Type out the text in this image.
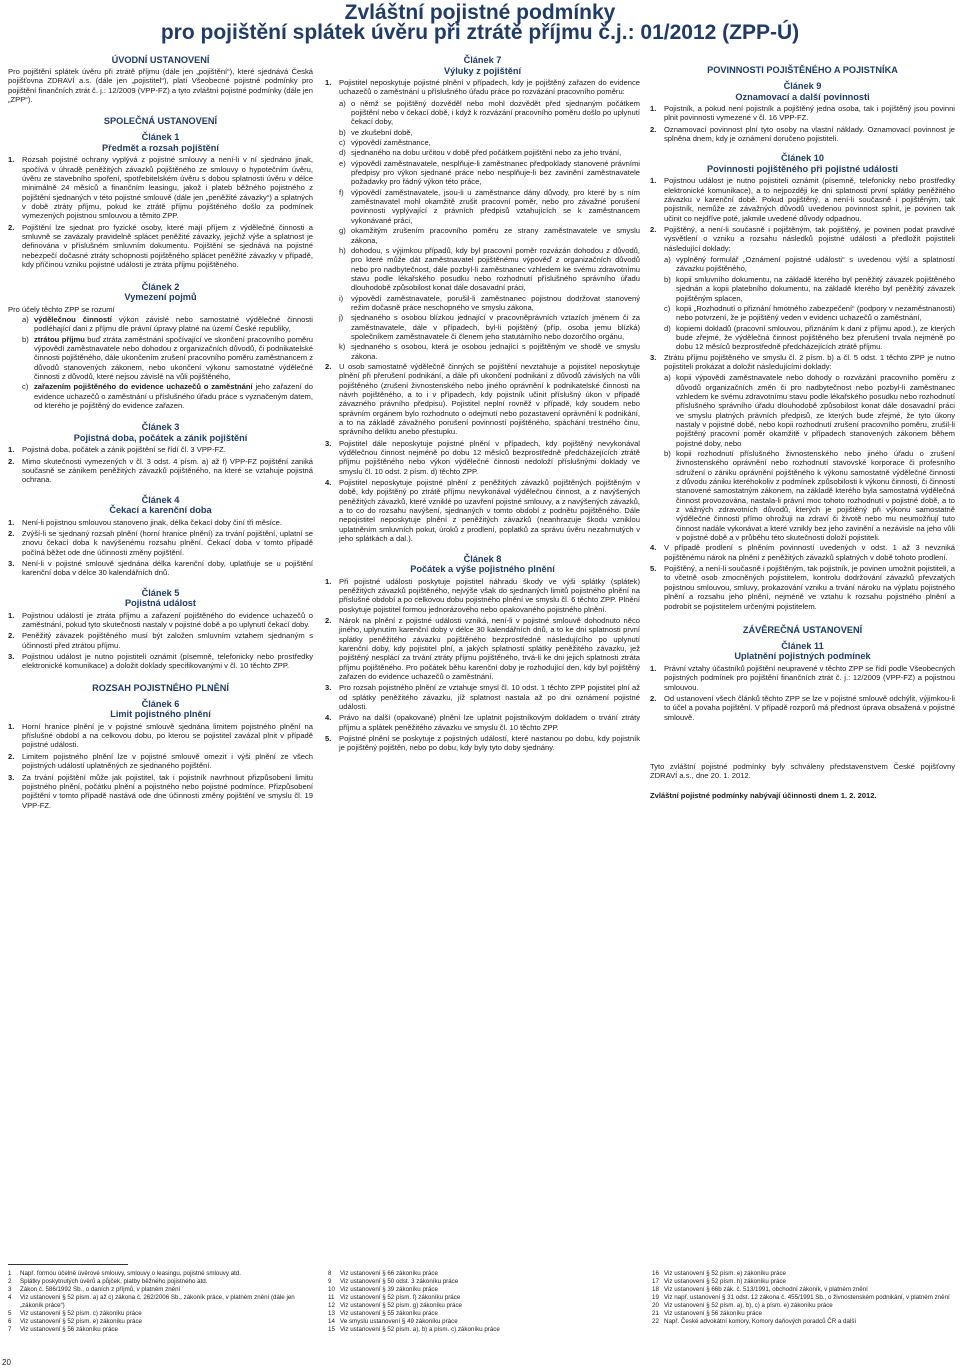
Zvláštní pojistné podmínky
pro pojištění splátek úvěru při ztrátě příjmu č.j.: 01/2012 (ZPP-Ú)
ÚVODNÍ USTANOVENÍ
Pro pojištění splátek úvěru při ztrátě příjmu (dále jen „pojištění“), které sjednává Česká pojišťovna ZDRAVÍ a.s. (dále jen „pojistitel“), platí Všeobecné pojistné podmínky pro pojištění finančních ztrát č. j.: 12/2009 (VPP-FZ) a tyto zvláštní pojistné podmínky (dále jen „ZPP“).
SPOLEČNÁ USTANOVENÍ
Článek 1
Předmět a rozsah pojištění
1.	Rozsah pojistné ochrany vyplývá z pojistné smlouvy a není-li v ní sjednáno jinak, spočívá v úhradě peněžitých závazků pojištěného ze smlouvy o hypotečním úvěru, úvěru ze stavebního spoření, spotřebitelském úvěru s dobou splatnosti úvěru v délce minimálně 24 měsíců a finančním leasingu, jakož i plateb běžného pojistného z pojištění sjednaných v této pojistné smlouvě (dále jen „peněžité závazky“) a splatných v době ztráty příjmu, pokud ke ztrátě příjmu pojištěného došlo za podmínek vymezených pojistnou smlouvou a těmito ZPP.
2.	Pojištění lze sjednat pro fyzické osoby, které mají příjem z výdělečné činnosti a smluvně se zavázaly pravidelně splácet peněžité závazky, jejichž výše a splatnost je definována v příslušném smluvním dokumentu. Pojištění se sjednává na pojistné nebezpečí dočasné ztráty schopnosti pojištěného splácet peněžité závazky v případě, kdy příčinou vzniku pojistné události je ztráta příjmu pojištěného.
Článek 2
Vymezení pojmů
Pro účely těchto ZPP se rozumí
a) výdělečnou činností výkon závislé nebo samostatné výdělečné činnosti podléhající dani z příjmu dle právní úpravy platné na území České republiky,
b) ztrátou příjmu buď ztráta zaměstnání spočívající ve skončení pracovního poměru výpovědí zaměstnavatele nebo dohodou z organizačních důvodů, či podnikatelské činnosti pojištěného, dále ukončením zrušení pracovního poměru zaměstnancem z důvodů stanovených zákonem, nebo ukončení výkonu samostatné výdělečné činnosti z důvodů, které nejsou závislé na vůli pojištěného,
c) zařazením pojištěného do evidence uchazečů o zaměstnání jeho zařazení do evidence uchazečů o zaměstnání u příslušného úřadu práce s vyznačeným datem, od kterého je pojištěný do evidence zařazen.
Článek 3
Pojistná doba, počátek a zánik pojištění
1.	Pojistná doba, počátek a zánik pojištění se řídí čl. 3 VPP-FZ.
2.	Mimo skutečnosti vymezených v čl. 3 odst. 4 písm. a) až f) VPP-FZ pojištění zaniká současně se zánikem peněžitých závazků pojištěného, na které se vztahuje pojistná ochrana.
Článek 4
Čekací a karenční doba
1.	Není-li pojistnou smlouvou stanoveno jinak, délka čekací doby činí tři měsíce.
2.	Zvýší-li se sjednaný rozsah plnění (horní hranice plnění) za trvání pojištění, uplatní se znovu čekací doba k navýšenému rozsahu plnění. Čekací doba v tomto případě počíná běžet ode dne účinnosti změny pojištění.
3.	Není-li v pojistné smlouvě sjednána délka karenční doby, uplatňuje se u pojištění karenční doba v délce 30 kalendářních dnů.
Článek 5
Pojistná událost
1.	Pojistnou událostí je ztráta příjmu a zařazení pojištěného do evidence uchazečů o zaměstnání, pokud tyto skutečnosti nastaly v pojistné době a po uplynutí čekací doby.
2.	Peněžitý závazek pojištěného musí být založen smluvním vztahem sjednaným s účinností před ztrátou příjmu.
3.	Pojistnou událost je nutno pojistiteli oznámit (písemně, telefonicky nebo prostředky elektronické komunikace) a doložit doklady specifikovanými v čl. 10 těchto ZPP.
ROZSAH POJISTNÉHO PLNĚNÍ
Článek 6
Limit pojistného plnění
1.	Horní hranice plnění je v pojistné smlouvě sjednána limitem pojistného plnění na příslušné období a na celkovou dobu, po kterou se pojistitel zavázal plnit v případě pojistné události.
2.	Limitem pojistného plnění lze v pojistné smlouvě omezit i výši plnění ze všech pojistných událostí uplatněných ze sjednaného pojištění.
3.	Za trvání pojištění může jak pojistitel, tak i pojistník navrhnout přizpůsobení limitu pojistného plnění, počátku plnění a pojistného nebo pojistné podmínce. Přizpůsobení pojištění v tomto případě nastává ode dne účinnosti změny pojištění ve smyslu čl. 19 VPP-FZ.
Článek 7
Výluky z pojištění
1.	Pojistitel neposkytuje pojistné plnění v případech, kdy je pojištěný zařazen do evidence uchazečů o zaměstnání u příslušného úřadu práce po rozvázání pracovního poměru:
a) o němž se pojištěný dozvěděl nebo mohl dozvědět před sjednaným počátkem pojištění nebo v čekací době, i když k rozvázání pracovního poměru došlo po uplynutí čekací doby,
b) ve zkušební době,
c) výpovědí zaměstnance,
d) sjednaného na dobu určitou v době před počátkem pojištění nebo za jeho trvání,
e) výpovědí zaměstnavatele, nesplňuje-li zaměstnanec předpoklady stanovené právními předpisy pro výkon sjednané práce nebo nesplňuje-li bez zavinění zaměstnavatele požadavky pro řádný výkon této práce,
f) výpovědí zaměstnavatele, jsou-li u zaměstnance dány důvody, pro které by s ním zaměstnavatel mohl okamžitě zrušit pracovní poměr, nebo pro závažné porušení povinnosti vyplývající z právních předpisů vztahujících se k zaměstnancem vykonávané práci,
g) okamžitým zrušením pracovního poměru ze strany zaměstnavatele ve smyslu zákona,
h) dohodou, s výjimkou případů, kdy byl pracovní poměr rozvázán dohodou z důvodů, pro které může dát zaměstnavatel pojištěnému výpověď z organizačních důvodů nebo pro nadbytečnost, dále pozbyl-li zaměstnanec vzhledem ke svému zdravotnímu stavu podle lékařského posudku nebo rozhodnutí příslušného správního úřadu dlouhodobě způsobilost konat dále dosavadní práci,
i)	výpovědí zaměstnavatele, porušil-li zaměstnanec pojistnou dodržovat stanovený režim dočasně práce neschopného ve smyslu zákona,
j)	sjednaného s osobou blízkou jednající v pracovněprávních vztazích jménem či za zaměstnavatele, dále v případech, byl-li pojištěný (příp. osoba jemu blízká) společníkem zaměstnavatele či členem jeho statutárního nebo dozorčího orgánu,
k) sjednaného s osobou, která je osobou jednající s pojištěným ve shodě ve smyslu zákona.
2.	U osob samostatně výdělečně činných se pojištění nevztahuje a pojistitel neposkytuje plnění při přerušení podnikání, a dále při ukončení podnikání z důvodů závislých na vůli pojištěného (zrušení živnostenského nebo jiného oprávnění k podnikatelské činnosti na návrh pojištěného, a to i v případech, kdy pojistník učinit příslušný úkon v případě závazného právního předpisu). Pojistitel neplní rovněž v případě, kdy soudem nebo správním orgánem bylo rozhodnuto o odejmutí nebo pozastavení oprávnění k podnikání, a to na základě závažného porušení povinností pojištěného, spáchání trestného činu, správního deliktu anebo přestupku.
3.	Pojistitel dále neposkytuje pojistné plnění v případech, kdy pojištěný nevykonával výdělečnou činnost nejméně po dobu 12 měsíců bezprostředně předcházejících ztrátě příjmu pojištěného nebo výkon výdělečné činnosti nedoloží příslušnými doklady ve smyslu čl. 10 odst. 2 písm. d) těchto ZPP.
4.	Pojistitel neposkytuje pojistné plnění z peněžitých závazků pojištěných pojištěným v době, kdy pojištěný po ztrátě příjmu nevykonával výdělečnou činnost, a z navýšených peněžitých závazků, které vzniklé po uzavření pojistné smlouvy, a z navýšených závazků, a to co do rozsahu navýšení, sjednaných v tomto období z podnětu pojištěného. Dále nepojistitel neposkytuje plnění z peněžitých závazků (neanhrazuje škodu vzniklou uplatněním smluvních pokut, úroků z prodlení, poplatků za správu úvěru nezahrnutých v jeho splátkách a dal.).
Článek 8
Počátek a výše pojistného plnění
1.	Při pojistné události poskytuje pojistitel náhradu škody ve výši splátky (splátek) peněžitých závazků pojištěného, nejvýše však do sjednaných limitů pojistného plnění na příslušné období a po celkovou dobu pojistného plnění ve smyslu čl. 6 těchto ZPP. Plnění poskytuje pojistitel formou jednorázového nebo opakovaného pojistného plnění.
2.	Nárok na plnění z pojistné události vzniká, není-li v pojistné smlouvě dohodnuto něco jiného, uplynutím karenční doby v délce 30 kalendářních dnů, a to ke dni splatnosti první splátky peněžitého závazku pojištěného bezprostředně následujícího po uplynutí karenční doby, kdy pojistitel plní, a jakých splatností splátky peněžitého závazku, jež pojištěný nesplácí za trvání ztráty příjmu pojištěného, trvá-li ke dni jejich splatnosti ztráta příjmu pojištěného. Pro počátek běhu karenční doby je rozhodující den, kdy byl pojištěný zařazen do evidence uchazečů o zaměstnání.
3.	Pro rozsah pojistného plnění ze vztahuje smysl čl. 10 odst. 1 těchto ZPP pojistitel plní až od splátky peněžitého závazku, jíž splatnost nastala až po dni oznámení pojistné události.
4.	Právo na další (opakované) plnění lze uplatnit pojistníkovým dokladem o trvání ztráty příjmu a splátek peněžitého závazku ve smyslu čl. 10 těchto ZPP.
5.	Pojistné plnění se poskytuje z pojistných událostí, které nastanou po dobu, kdy pojistník je pojištěný pojištěn, nebo po dobu, kdy byly tyto doby sjednány.
POVINNOSTI POJIŠTĚNÉHO A POJISTNÍKA
Článek 9
Oznamovací a další povinnosti
1.	Pojistník, a pokud není pojistník a pojištěný jedna osoba, tak i pojištěný jsou povinni plnit povinnosti vymezené v čl. 16 VPP-FZ.
2.	Oznamovací povinnost plní tyto osoby na vlastní náklady. Oznamovací povinnost je splněna dnem, kdy je oznámení doručeno pojistiteli.
Článek 10
Povinnosti pojištěného při pojistné události
1.	Pojistnou událost je nutno pojistiteli oznámit (písemně, telefonicky nebo prostředky elektronické komunikace), a to nejpozději ke dni splatnosti první splátky peněžitého závazku v karenční době. Pokud pojištěný, a není-li současně i pojištěným, tak pojistník, nemůže ze závažných důvodů uvedenou povinnost splnit, je povinen tak učinit co nejdříve poté, jakmile uvedené důvody odpadnou.
2.	Pojištěný, a není-li současně i pojištěným, tak pojištěný, je povinen podat pravdivé vysvětlení o vzniku a rozsahu následků pojistné události a předložit pojistiteli následující doklady:
a) vyplněný formulář „Oznámení pojistné události“ s uvedenou výší a splatností závazku pojištěného,
b) kopii smluvního dokumentu, na základě kterého byl peněžitý závazek pojištěného sjednán a kopii platebního dokumentu, na základě kterého byl peněžitý závazek pojištěným splacen,
c) kopii „Rozhodnutí o přiznání hmotného zabezpečení“ (podpory v nezaměstnanosti) nebo potvrzení, že je pojištěný veden v evidenci uchazečů o zaměstnání,
d) kopiemi dokladů (pracovní smlouvou, přiznáním k dani z příjmu apod.), ze kterých bude zřejmé, že výdělečná činnost pojištěného bez přerušení trvala nejméně po dobu 12 měsíců bezprostředně předcházejících ztrátě příjmu.
3.	Ztrátu příjmu pojištěného ve smyslu čl. 2 písm. b) a čl. 5 odst. 1 těchto ZPP je nutno pojistiteli prokázat a doložit následujícími doklady:
a) kopii výpovědi zaměstnavatele nebo dohody o rozvázání pracovního poměru z důvodů organizačních změn či pro nadbytečnost nebo pozbyl-li zaměstnanec vzhledem ke svému zdravotnímu stavu podle lékařského posudku nebo rozhodnutí příslušného správního úřadu dlouhodobě způsobilost konat dále dosavadní práci ve smyslu platných právních předpisů, ze kterých bude zřejmé, že tyto úkony nastaly v pojistné době, nebo kopii rozhodnutí zrušení pracovního poměru, zrušil-li pojištěný pracovní poměr okamžitě v případech stanovených zákonem během pojistné doby, nebo
b) kopii rozhodnutí příslušného živnostenského nebo jiného úřadu o zrušení živnostenského oprávnění nebo rozhodnutí stavovské korporace či profesního sdružení o zániku oprávnění pojištěného k výkonu samostatně výdělečné činnosti z důvodu zániku kteréhokoliv z podmínek způsobilosti k výkonu činnosti, či činnosti stanovené samostatným zákonem, na základě kterého byla samostatná výdělečná činnost provozována, nastala-li právní moc tohoto rozhodnutí v pojistné době, a to z vážných zdravotních důvodů, kterých je pojištěný při výkonu samostatně výdělečné činnosti přímo ohrožuji na zdraví či životě nebo mu neumožňují tuto činnost nadále vykonávat a které vznikly bez jeho zavinění a nezávisle na jeho vůli v pojistné době a v průběhu této skutečnosti doloží pojistiteli.
4.	V případě prodlení s plněním povinností uvedených v odst. 1 až 3 nevzniká pojištěnému nárok na plnění z peněžitých závazků splatných v době tohoto prodlení.
5.	Pojištěný, a není-li současně i pojištěným, tak pojistník, je povinen umožnit pojistiteli, a to včetně osob zmocněných pojistitelem, kontrolu dodržování závazků převzatých pojistnou smlouvou, smluvy, prokazování vzniku a trvání nároku na výplatu pojistného plnění a rozsahu jeho plnění, nejméně ve vztahu k rozsahu pojistného plnění a podrobit se pojistitelem určenými pojistitelem.
ZÁVĚREČNÁ USTANOVENÍ
Článek 11
Uplatnění pojistných podmínek
1.	Právní vztahy účastníků pojištění neupravené v těchto ZPP se řídí podle Všeobecných pojistných podmínek pro pojištění finančních ztrát č. j.: 12/2009 (VPP-FZ) a pojistnou smlouvou.
2.	Od ustanovení všech článků těchto ZPP se lze v pojistné smlouvě odchýlit, výjimkou-li to účel a povaha pojištění. V případě rozporů má přednost úprava obsažená v pojistné smlouvě.
Tyto zvláštní pojistné podmínky byly schváleny představenstvem České pojišťovny ZDRAVÍ a.s., dne 20. 1. 2012.
Zvláštní pojistné podmínky nabývají účinnosti dnem 1. 2. 2012.
1	Např. formou účelně úvěrové smlouvy, smlouvy o leasingu, pojistné smlouvy atd.
2	Splátky poskytnutých úvěrů a půjček, platby běžného pojistného atd.
3	Zákon č. 586/1992 Sb., o daních z příjmů, v platném znění
4	Viz ustanovení § 52 písm. a) až c) zákona č. 262/2006 Sb., zákoník práce, v platném znění (dále jen „zákoník práce“)
5	Viz ustanovení § 52 písm. c) zákoníku práce
6	Viz ustanovení § 52 písm. e) zákoníku práce
7	Viz ustanovení § 56 zákoníku práce
8	Viz ustanovení § 66 zákoníku práce
9	Viz ustanovení § 50 odst. 3 zákoníku práce
10 Viz ustanovení § 39 zákoníku práce
11 Viz ustanovení § 52 písm. f) zákoníku práce
12 Viz ustanovení § 52 písm. g) zákoníku práce
13 Viz ustanovení § 55 zákoníku práce
14 Ve smyslu ustanovení § 49 zákoníku práce
15 Viz ustanovení § 52 písm. a), b) a písm. c) zákoníku práce
16 Viz ustanovení § 52 písm. e) zákoníku práce
17 Viz ustanovení § 52 písm. h) zákoníku práce
18 Viz ustanovení § 66b zák. č. 513/1991, obchodní zákoník, v platném znění
19 Viz např. ustanovení § 31 odst. 12 zákona č. 455/1991 Sb., o živnostenském podnikání, v platném znění
20 Viz ustanovení § 52 písm. a), b), c) a písm. e) zákoníku práce
21 Viz ustanovení § 56 zákoníku práce
22 Např. České advokátní komory, Komory daňových poradců ČR a další
20
